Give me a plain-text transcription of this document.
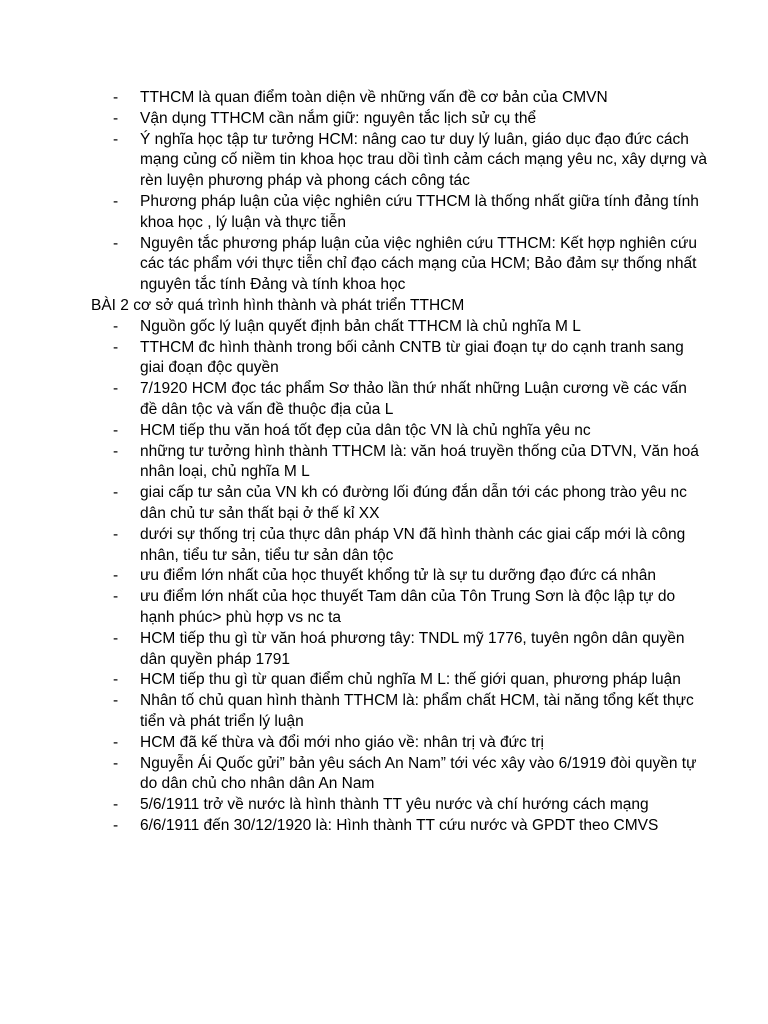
-	TTHCM là quan điểm toàn diện về những vấn đề cơ bản của CMVN
-	Vận dụng TTHCM cần nắm giữ: nguyên tắc lịch sử cụ thể
-	Ý nghĩa học tập tư tưởng HCM: nâng cao tư duy lý luân, giáo dục đạo đức cách mạng củng cố niềm tin khoa học trau dồi tình cảm cách mạng yêu nc, xây dựng và rèn luyện phương pháp và phong cách công tác
-	Phương pháp luận của việc nghiên cứu TTHCM là thống nhất giữa tính đảng tính khoa học , lý luận và thực tiễn
-	Nguyên tắc phương pháp luận của việc nghiên cứu TTHCM: Kết hợp nghiên cứu các tác phẩm với thực tiễn chỉ đạo cách mạng của HCM; Bảo đảm sự thống nhất nguyên tắc tính Đảng và tính khoa học
BÀI 2 cơ sở quá trình hình thành và phát triển TTHCM
-	Nguồn gốc lý luận quyết định bản chất TTHCM là chủ nghĩa M L
-	TTHCM đc hình thành trong bối cảnh CNTB từ giai đoạn tự do cạnh tranh sang giai đoạn độc quyền
-	7/1920 HCM đọc tác phẩm Sơ thảo lần thứ nhất những Luận cương về các vấn đề dân tộc và vấn đề thuộc địa của L
-	HCM tiếp thu văn hoá tốt đẹp của dân tộc VN là chủ nghĩa yêu nc
-	những tư tưởng hình thành TTHCM là: văn hoá truyền thống của DTVN, Văn hoá nhân loại, chủ nghĩa M L
-	giai cấp tư sản của VN kh có đường lối đúng đắn dẫn tới các phong trào yêu nc dân chủ tư sản thất bại ở thế kỉ XX
-	dưới sự thống trị của thực dân pháp VN đã hình thành các giai cấp mới là công nhân, tiểu tư sản, tiểu tư sản dân tộc
-	ưu điểm lớn nhất của học thuyết khổng tử là sự tu dưỡng đạo đức cá nhân
-	ưu điểm lớn nhất của học thuyết Tam dân của Tôn Trung Sơn là độc lập tự do hạnh phúc> phù hợp vs nc ta
-	HCM tiếp thu gì từ văn hoá phương tây: TNDL mỹ 1776, tuyên ngôn dân quyền dân quyền pháp 1791
-	HCM tiếp thu gì từ quan điểm chủ nghĩa M L: thế giới quan, phương pháp luận
-	Nhân tố chủ quan hình thành TTHCM là: phẩm chất HCM, tài năng tổng kết thực tiển và phát triển lý luận
-	HCM đã kế thừa và đổi mới nho giáo về: nhân trị và đức trị
-	Nguyễn Ái Quốc gửi” bản yêu sách An Nam” tới véc xây vào 6/1919 đòi quyền tự do dân chủ cho nhân dân An Nam
-	5/6/1911 trở về nước là hình thành TT yêu nước và chí hướng cách mạng
-	6/6/1911 đến 30/12/1920 là: Hình thành TT cứu nước và GPDT theo CMVS
